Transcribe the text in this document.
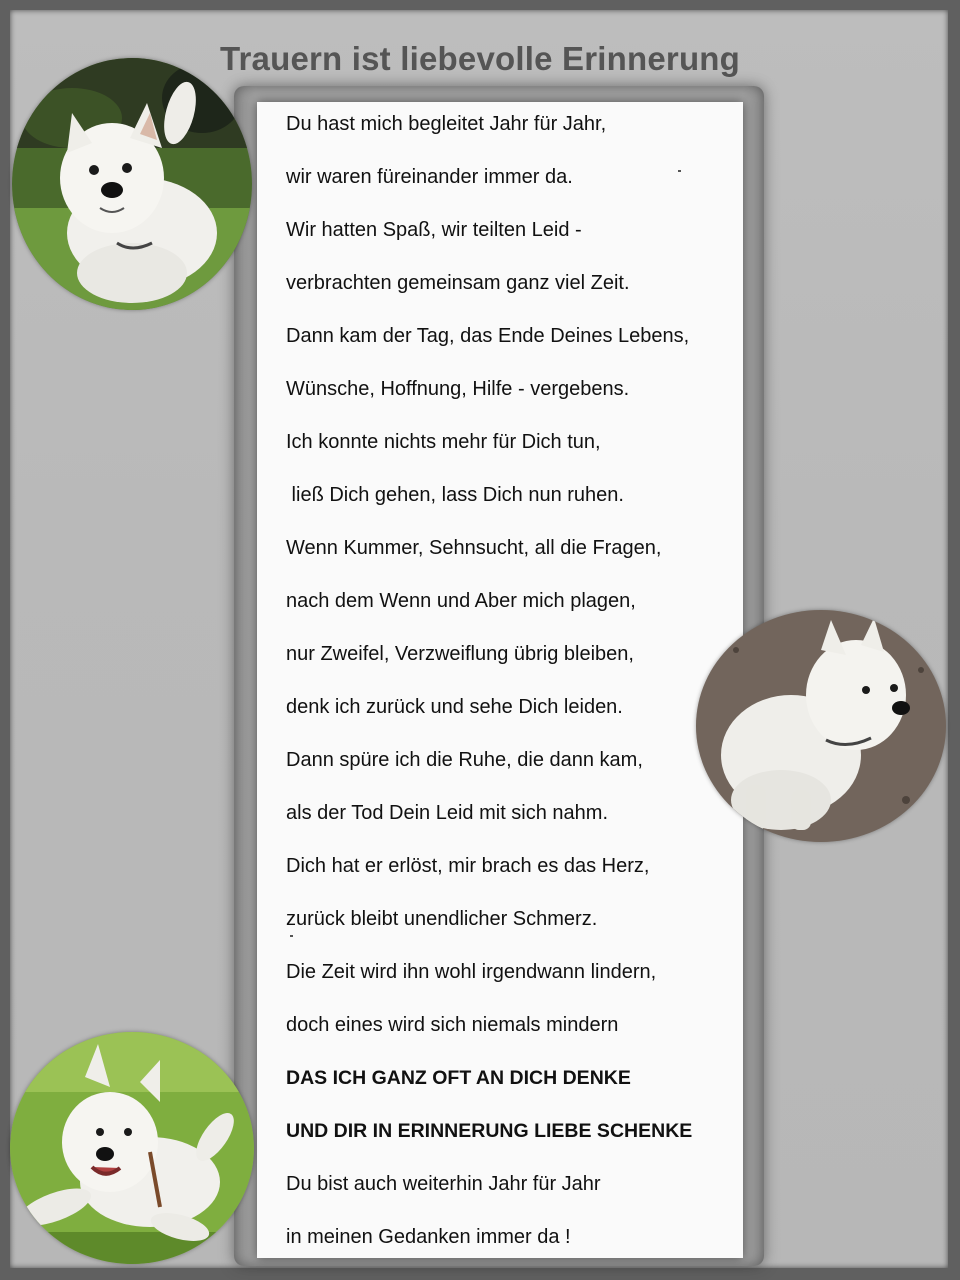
Trauern ist liebevolle Erinnerung
Du hast mich begleitet Jahr für Jahr,
wir waren füreinander immer da.
Wir hatten Spaß, wir teilten Leid -
verbrachten gemeinsam ganz viel Zeit.
Dann kam der Tag, das Ende Deines Lebens,
Wünsche, Hoffnung, Hilfe - vergebens.
Ich konnte nichts mehr für Dich tun,
ließ Dich gehen, lass Dich nun ruhen.
Wenn Kummer, Sehnsucht, all die Fragen,
nach dem Wenn und Aber mich plagen,
nur Zweifel, Verzweiflung übrig bleiben,
denk ich zurück und sehe Dich leiden.
Dann spüre ich die Ruhe, die dann kam,
als der Tod Dein Leid mit sich nahm.
Dich hat er erlöst, mir brach es das Herz,
zurück bleibt unendlicher Schmerz.
Die Zeit wird ihn wohl irgendwann lindern,
doch eines wird sich niemals mindern
DAS ICH GANZ OFT AN DICH DENKE
UND DIR IN ERINNERUNG LIEBE SCHENKE
Du bist auch weiterhin Jahr für Jahr
in meinen Gedanken immer da !
